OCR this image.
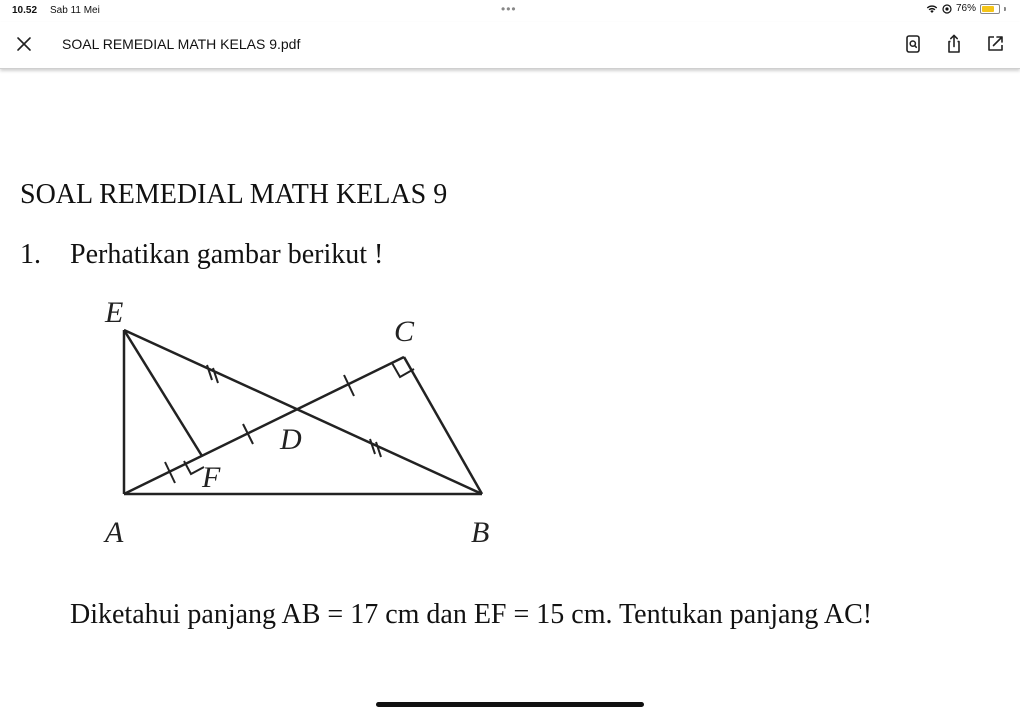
10.52 Sab 11 Mei	•••	76%
SOAL REMEDIAL MATH KELAS 9.pdf
SOAL REMEDIAL MATH KELAS 9
1. Perhatikan gambar berikut !
E
C
D
F
A	B
Diketahui panjang AB = 17 cm dan EF = 15 cm. Tentukan panjang AC!
